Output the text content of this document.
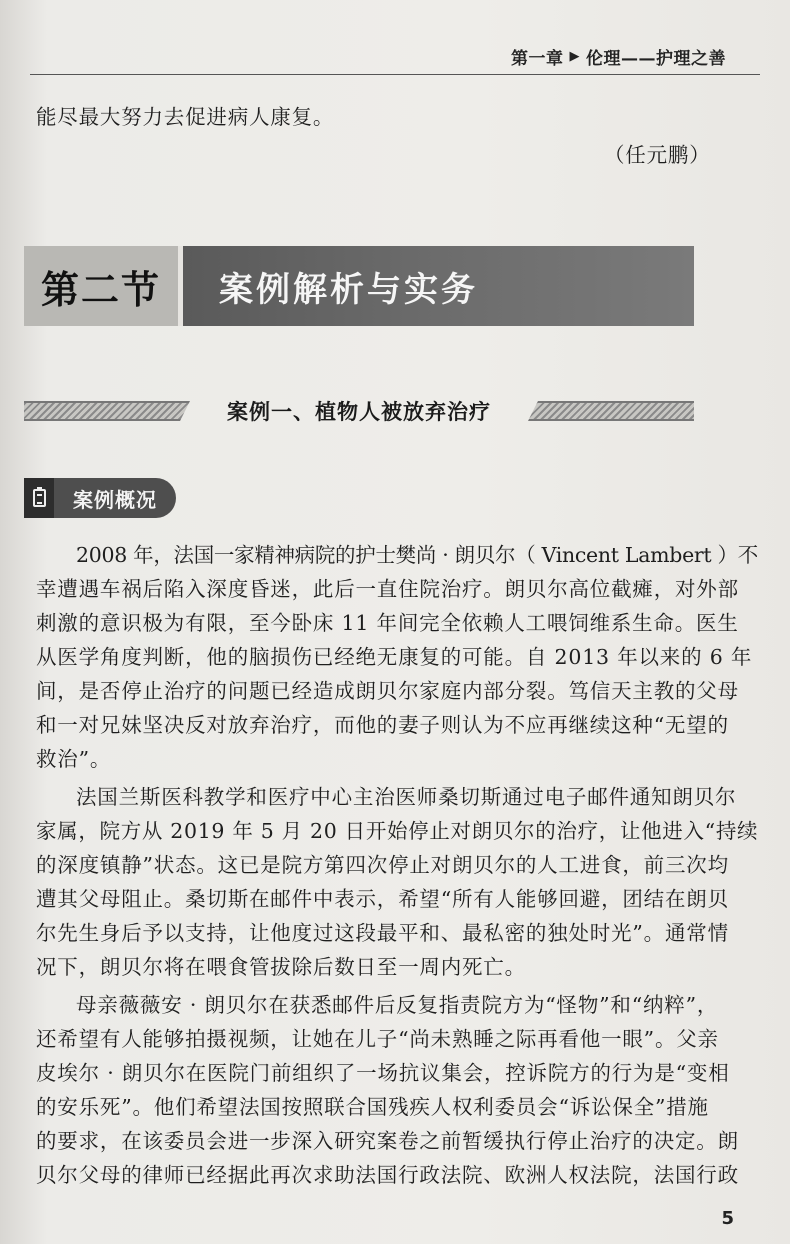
第一章 ▶ 伦理——护理之善
能尽最大努力去促进病人康复。
（任元鹏）
第二节	案例解析与实务
案例一、植物人被放弃治疗
案例概况
2008 年，法国一家精神病院的护士樊尚 · 朗贝尔（ Vincent Lambert ）不
幸遭遇车祸后陷入深度昏迷，此后一直住院治疗。朗贝尔高位截瘫，对外部
刺激的意识极为有限，至今卧床 11 年间完全依赖人工喂饲维系生命。医生
从医学角度判断，他的脑损伤已经绝无康复的可能。自 2013 年以来的 6 年
间，是否停止治疗的问题已经造成朗贝尔家庭内部分裂。笃信天主教的父母
和一对兄妹坚决反对放弃治疗，而他的妻子则认为不应再继续这种“无望的
救治”。
法国兰斯医科教学和医疗中心主治医师桑切斯通过电子邮件通知朗贝尔
家属，院方从 2019 年 5 月 20 日开始停止对朗贝尔的治疗，让他进入“持续
的深度镇静”状态。这已是院方第四次停止对朗贝尔的人工进食，前三次均
遭其父母阻止。桑切斯在邮件中表示，希望“所有人能够回避，团结在朗贝
尔先生身后予以支持，让他度过这段最平和、最私密的独处时光”。通常情
况下，朗贝尔将在喂食管拔除后数日至一周内死亡。
母亲薇薇安 · 朗贝尔在获悉邮件后反复指责院方为“怪物”和“纳粹”，
还希望有人能够拍摄视频，让她在儿子“尚未熟睡之际再看他一眼”。父亲
皮埃尔 · 朗贝尔在医院门前组织了一场抗议集会，控诉院方的行为是“变相
的安乐死”。他们希望法国按照联合国残疾人权利委员会“诉讼保全”措施
的要求，在该委员会进一步深入研究案卷之前暂缓执行停止治疗的决定。朗
贝尔父母的律师已经据此再次求助法国行政法院、欧洲人权法院，法国行政
5
